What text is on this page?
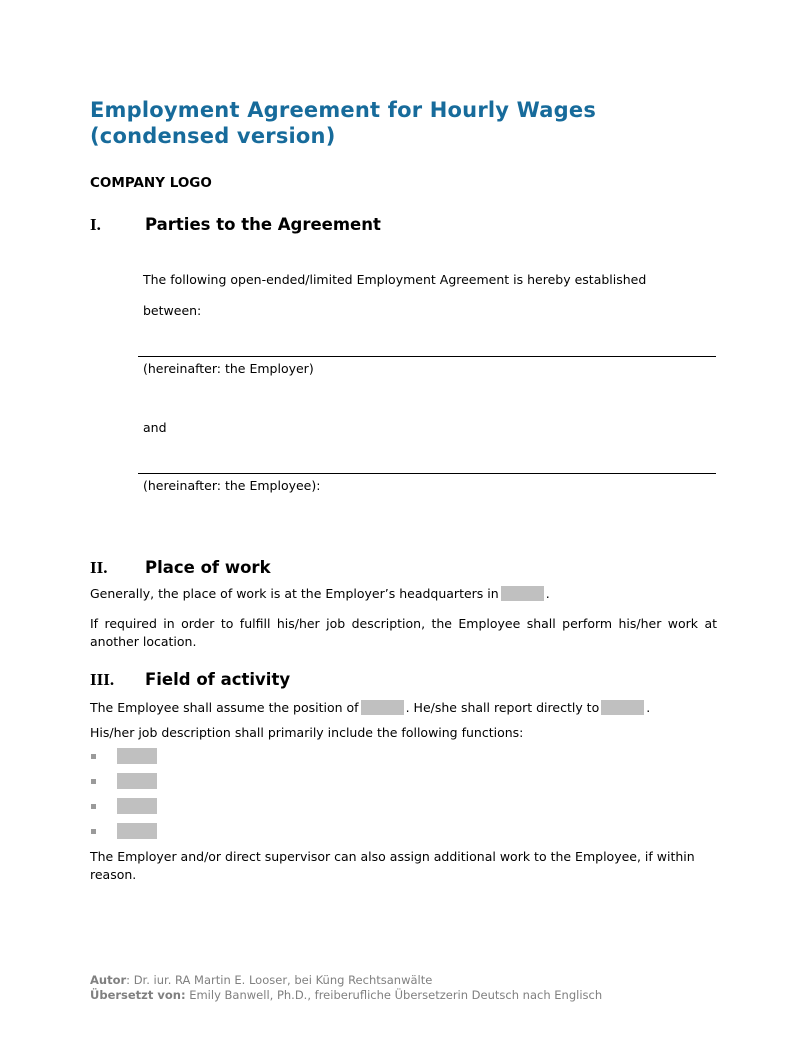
Employment Agreement for Hourly Wages
(condensed version)

COMPANY LOGO

I.	Parties to the Agreement
The following open-ended/limited Employment Agreement is hereby established
between:
(hereinafter: the Employer)
and
(hereinafter: the Employee):
II.	Place of work
Generally, the place of work is at the Employer’s headquarters in	.
If required in order to fulfill his/her job description, the Employee shall perform his/her work at another location.
III.	Field of activity
The Employee shall assume the position of	. He/she shall report directly to	.
His/her job description shall primarily include the following functions:
The Employer and/or direct supervisor can also assign additional work to the Employee, if within reason.
Autor: Dr. iur. RA Martin E. Looser, bei Küng Rechtsanwälte
Übersetzt von: Emily Banwell, Ph.D., freiberufliche Übersetzerin Deutsch nach Englisch
